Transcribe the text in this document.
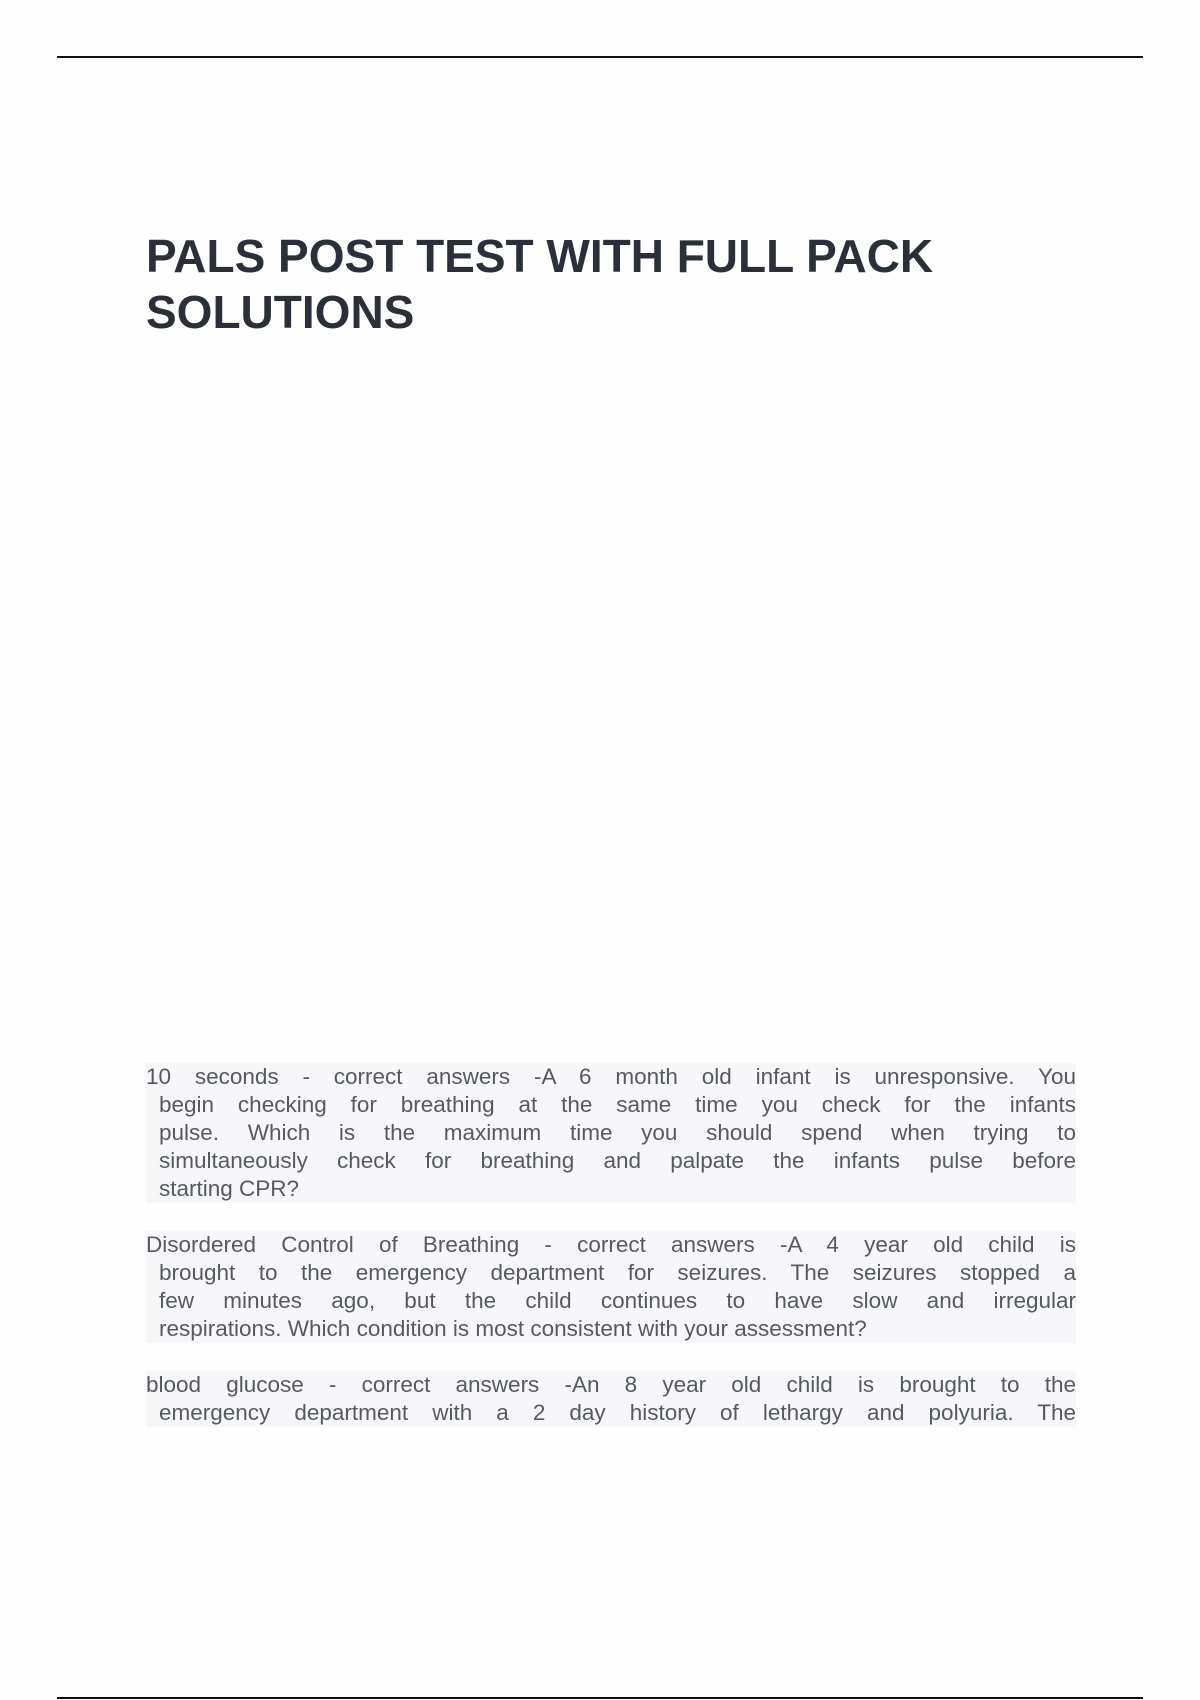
PALS POST TEST WITH FULL PACK
SOLUTIONS
10 seconds - correct answers -A 6 month old infant is unresponsive. You
begin checking for breathing at the same time you check for the infants
pulse. Which is the maximum time you should spend when trying to
simultaneously check for breathing and palpate the infants pulse before
starting CPR?
Disordered Control of Breathing - correct answers -A 4 year old child is
brought to the emergency department for seizures. The seizures stopped a
few minutes ago, but the child continues to have slow and irregular
respirations. Which condition is most consistent with your assessment?
blood glucose - correct answers -An 8 year old child is brought to the
emergency department with a 2 day history of lethargy and polyuria. The
